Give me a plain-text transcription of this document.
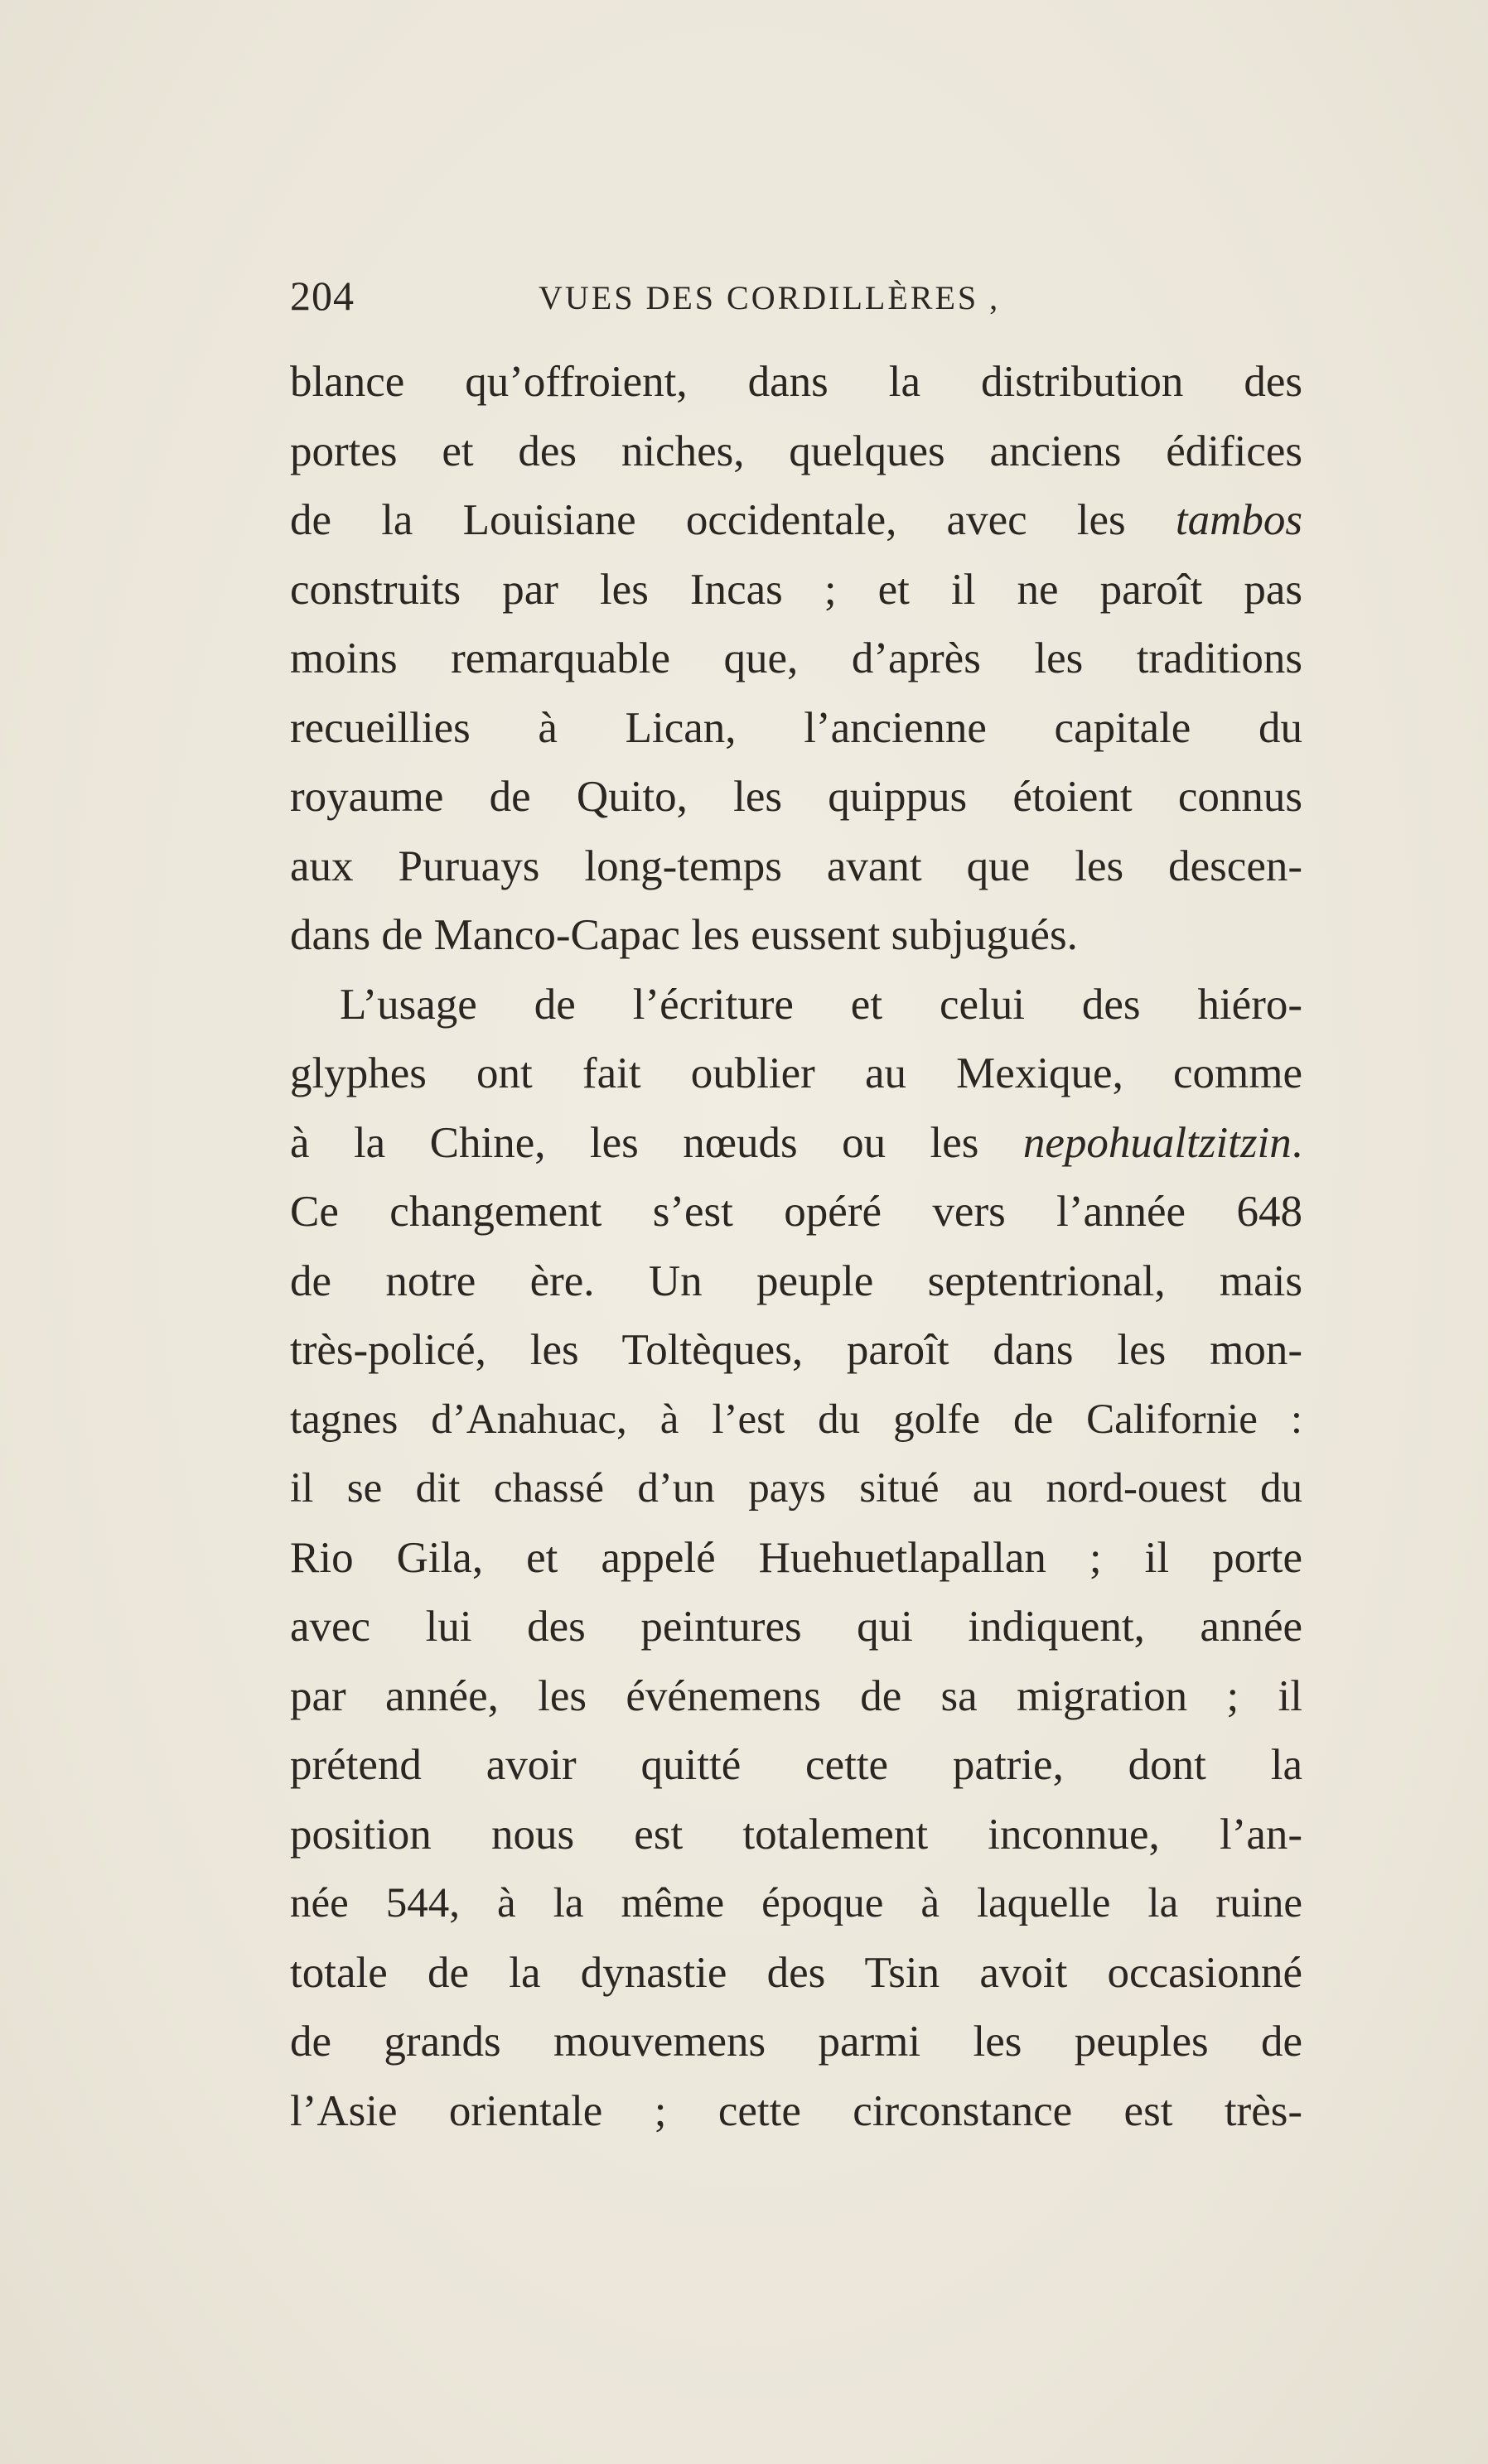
204	VUES DES CORDILLÈRES ,
blance qu’offroient, dans la distribution des
portes et des niches, quelques anciens édifices
de la Louisiane occidentale, avec les tambos
construits par les Incas ; et il ne paroît pas
moins remarquable que, d’après les traditions
recueillies à Lican, l’ancienne capitale du
royaume de Quito, les quippus étoient connus
aux Puruays long-temps avant que les descen-
dans de Manco-Capac les eussent subjugués.
L’usage de l’écriture et celui des hiéro-
glyphes ont fait oublier au Mexique, comme
à la Chine, les nœuds ou les nepohualtzitzin.
Ce changement s’est opéré vers l’année 648
de notre ère. Un peuple septentrional, mais
très-policé, les Toltèques, paroît dans les mon-
tagnes d’Anahuac, à l’est du golfe de Californie :
il se dit chassé d’un pays situé au nord-ouest du
Rio Gila, et appelé Huehuetlapallan ; il porte
avec lui des peintures qui indiquent, année
par année, les événemens de sa migration ; il
prétend avoir quitté cette patrie, dont la
position nous est totalement inconnue, l’an-
née 544, à la même époque à laquelle la ruine
totale de la dynastie des Tsin avoit occasionné
de grands mouvemens parmi les peuples de
l’Asie orientale ; cette circonstance est très-
